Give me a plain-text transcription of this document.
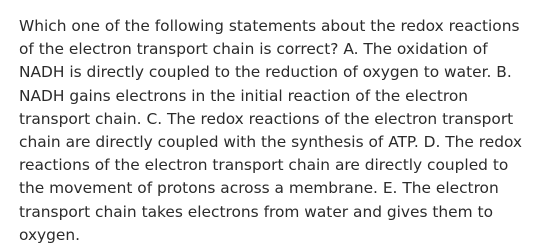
Which one of the following statements about the redox reactions
of the electron transport chain is correct? A. The oxidation of
NADH is directly coupled to the reduction of oxygen to water. B.
NADH gains electrons in the initial reaction of the electron
transport chain. C. The redox reactions of the electron transport
chain are directly coupled with the synthesis of ATP. D. The redox
reactions of the electron transport chain are directly coupled to
the movement of protons across a membrane. E. The electron
transport chain takes electrons from water and gives them to
oxygen.
